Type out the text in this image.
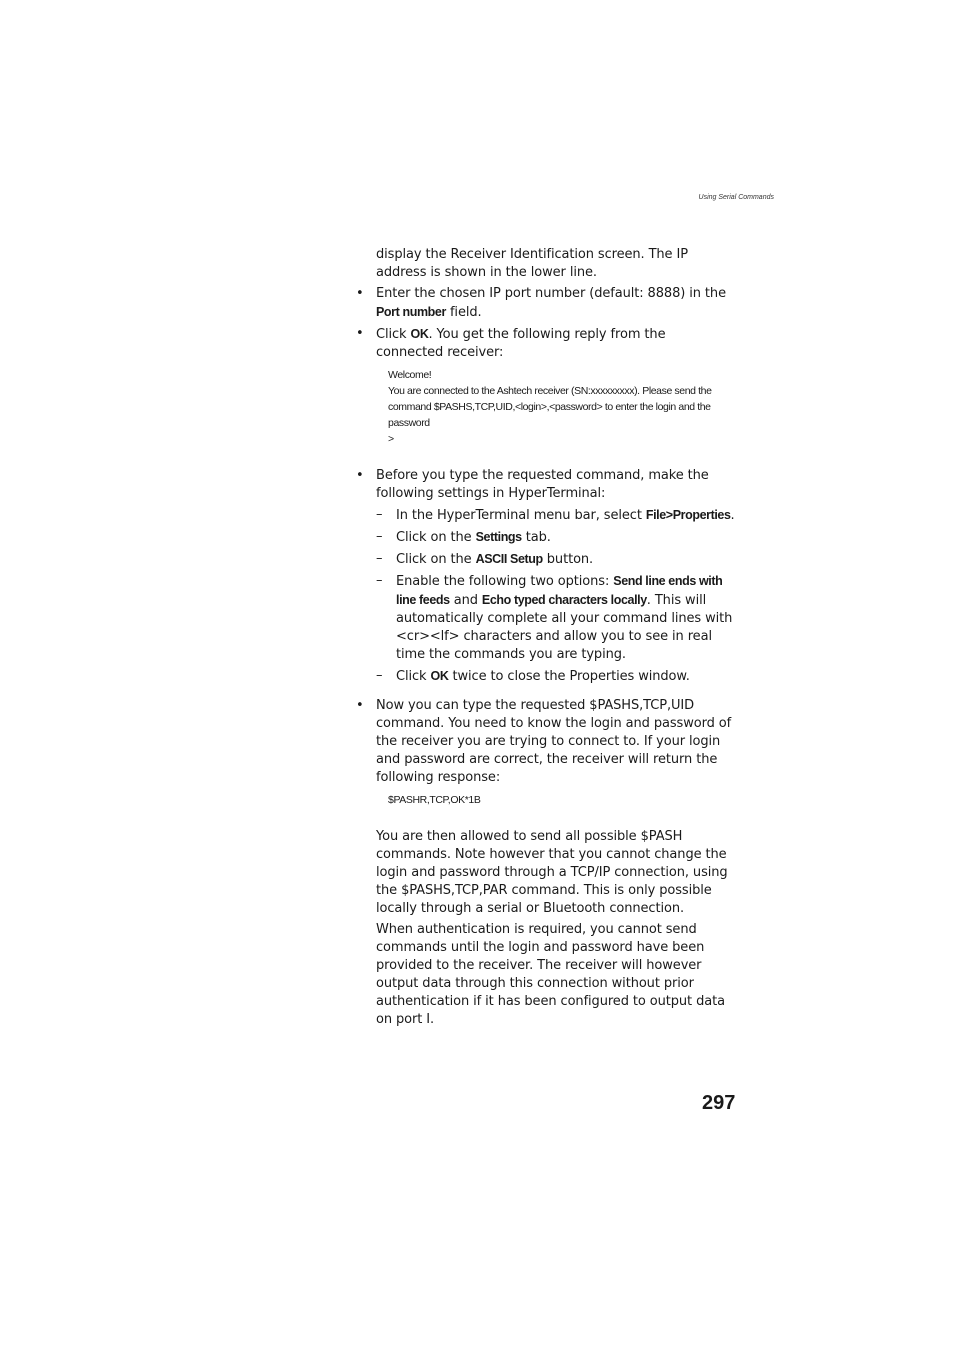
Using Serial Commands

display the Receiver Identification screen. The IP address is shown in the lower line.

• Enter the chosen IP port number (default: 8888) in the Port number field.
• Click OK. You get the following reply from the connected receiver:
Welcome!
You are connected to the Ashtech receiver (SN:xxxxxxxxx). Please send the command $PASHS,TCP,UID,<login>,<password> to enter the login and the password
>
• Before you type the requested command, make the following settings in HyperTerminal:
– In the HyperTerminal menu bar, select File>Properties.
– Click on the Settings tab.
– Click on the ASCII Setup button.
– Enable the following two options: Send line ends with line feeds and Echo typed characters locally. This will automatically complete all your command lines with <cr><lf> characters and allow you to see in real time the commands you are typing.
– Click OK twice to close the Properties window.
• Now you can type the requested $PASHS,TCP,UID command. You need to know the login and password of the receiver you are trying to connect to. If your login and password are correct, the receiver will return the following response:
$PASHR,TCP,OK*1B

You are then allowed to send all possible $PASH commands. Note however that you cannot change the login and password through a TCP/IP connection, using the $PASHS,TCP,PAR command. This is only possible locally through a serial or Bluetooth connection.

When authentication is required, you cannot send commands until the login and password have been provided to the receiver. The receiver will however output data through this connection without prior authentication if it has been configured to output data on port I.

297
